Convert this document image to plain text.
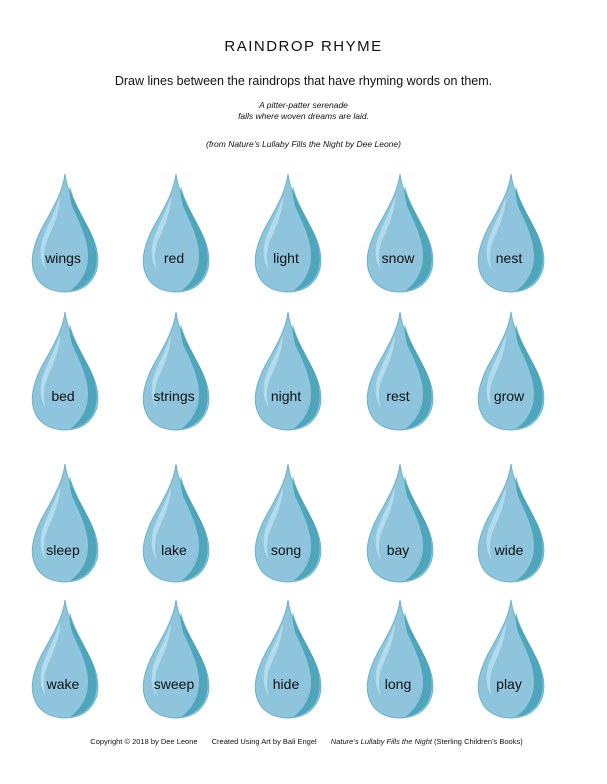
RAINDROP RHYME
Draw lines between the raindrops that have rhyming words on them.
A pitter-patter serenade
falls where woven dreams are laid.
(from Nature’s Lullaby Fills the Night by Dee Leone)
wings	red	light	snow	nest
bed	strings	night	rest	grow
sleep	lake	song	bay	wide
wake	sweep	hide	long	play
Copyright © 2018 by Dee Leone Created Using Art by Bali Engel Nature’s Lullaby Fills the Night (Sterling Children’s Books)
